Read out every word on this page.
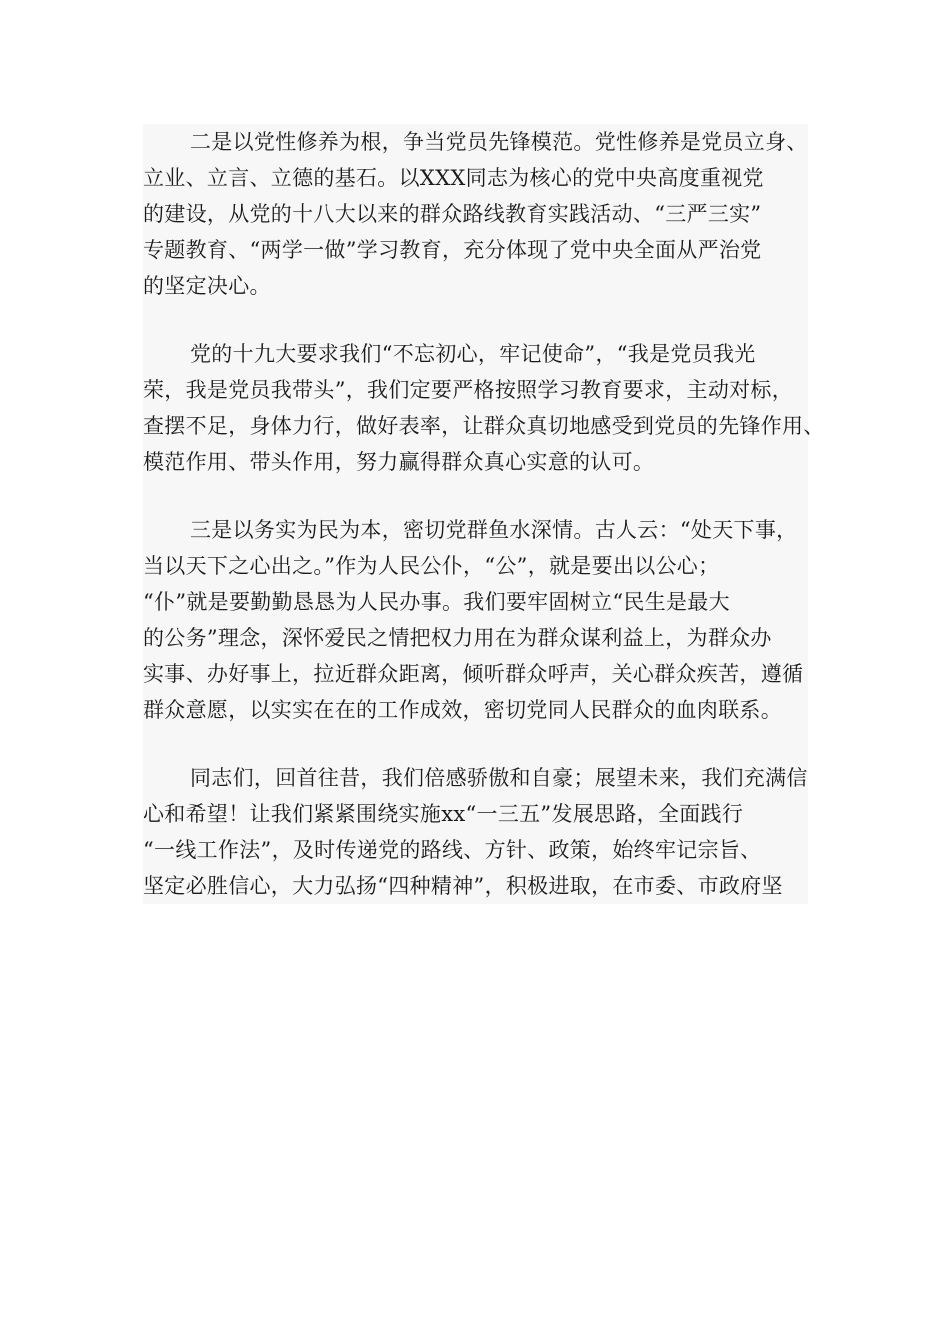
二是以党性修养为根，争当党员先锋模范。党性修养是党员立身、
立业、立言、立德的基石。以XXX同志为核心的党中央高度重视党
的建设，从党的十八大以来的群众路线教育实践活动、“三严三实”
专题教育、“两学一做”学习教育，充分体现了党中央全面从严治党
的坚定决心。

党的十九大要求我们“不忘初心，牢记使命”，“我是党员我光
荣，我是党员我带头”，我们定要严格按照学习教育要求，主动对标，
查摆不足，身体力行，做好表率，让群众真切地感受到党员的先锋作用、
模范作用、带头作用，努力赢得群众真心实意的认可。

三是以务实为民为本，密切党群鱼水深情。古人云：“处天下事，
当以天下之心出之。”作为人民公仆，“公”，就是要出以公心；
“仆”就是要勤勤恳恳为人民办事。我们要牢固树立“民生是最大
的公务”理念，深怀爱民之情把权力用在为群众谋利益上，为群众办
实事、办好事上，拉近群众距离，倾听群众呼声，关心群众疾苦，遵循
群众意愿，以实实在在的工作成效，密切党同人民群众的血肉联系。

同志们，回首往昔，我们倍感骄傲和自豪；展望未来，我们充满信
心和希望！让我们紧紧围绕实施xx“一三五”发展思路，全面践行
“一线工作法”，及时传递党的路线、方针、政策，始终牢记宗旨、
坚定必胜信心，大力弘扬“四种精神”，积极进取，在市委、市政府坚
